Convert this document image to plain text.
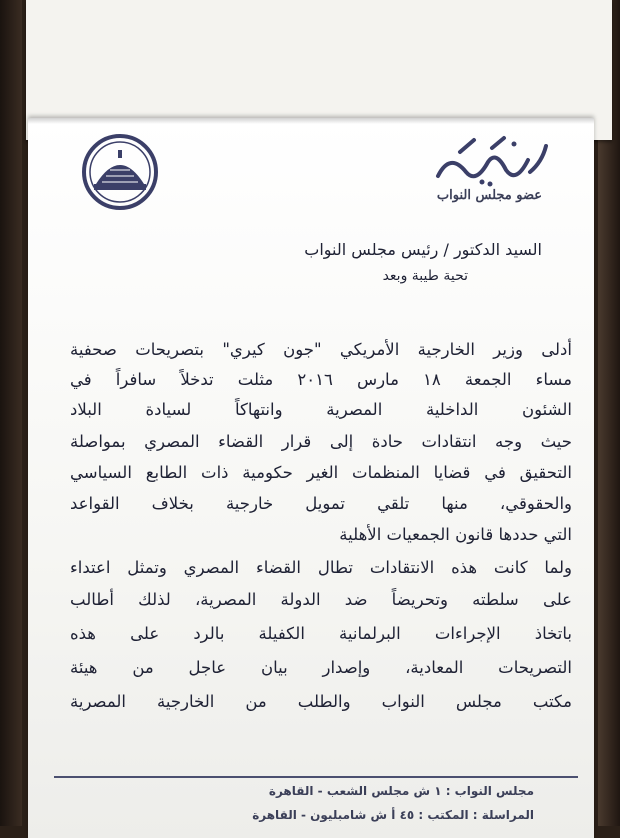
عضو مجلس النواب
السيد الدكتور / رئيس مجلس النواب
تحية طيبة وبعد
أدلى وزير الخارجية الأمريكي "جون كيري" بتصريحات صحفية
مساء الجمعة ١٨ مارس ٢٠١٦ مثلت تدخلاً سافراً في
الشئون الداخلية المصرية وانتهاكاً لسيادة البلاد
حيث وجه انتقادات حادة إلى قرار القضاء المصري بمواصلة
التحقيق في قضايا المنظمات الغير حكومية ذات الطابع السياسي
والحقوقي، منها تلقي تمويل خارجية بخلاف القواعد
التي حددها قانون الجمعيات الأهلية
ولما كانت هذه الانتقادات تطال القضاء المصري وتمثل اعتداء
على سلطته وتحريضاً ضد الدولة المصرية، لذلك أطالب
باتخاذ الإجراءات البرلمانية الكفيلة بالرد على هذه
التصريحات المعادية، وإصدار بيان عاجل من هيئة
مكتب مجلس النواب والطلب من الخارجية المصرية
مجلس النواب : ١ ش مجلس الشعب - القاهرة
المراسلة : المكتب : ٤٥ أ ش شامبليون - القاهرة
